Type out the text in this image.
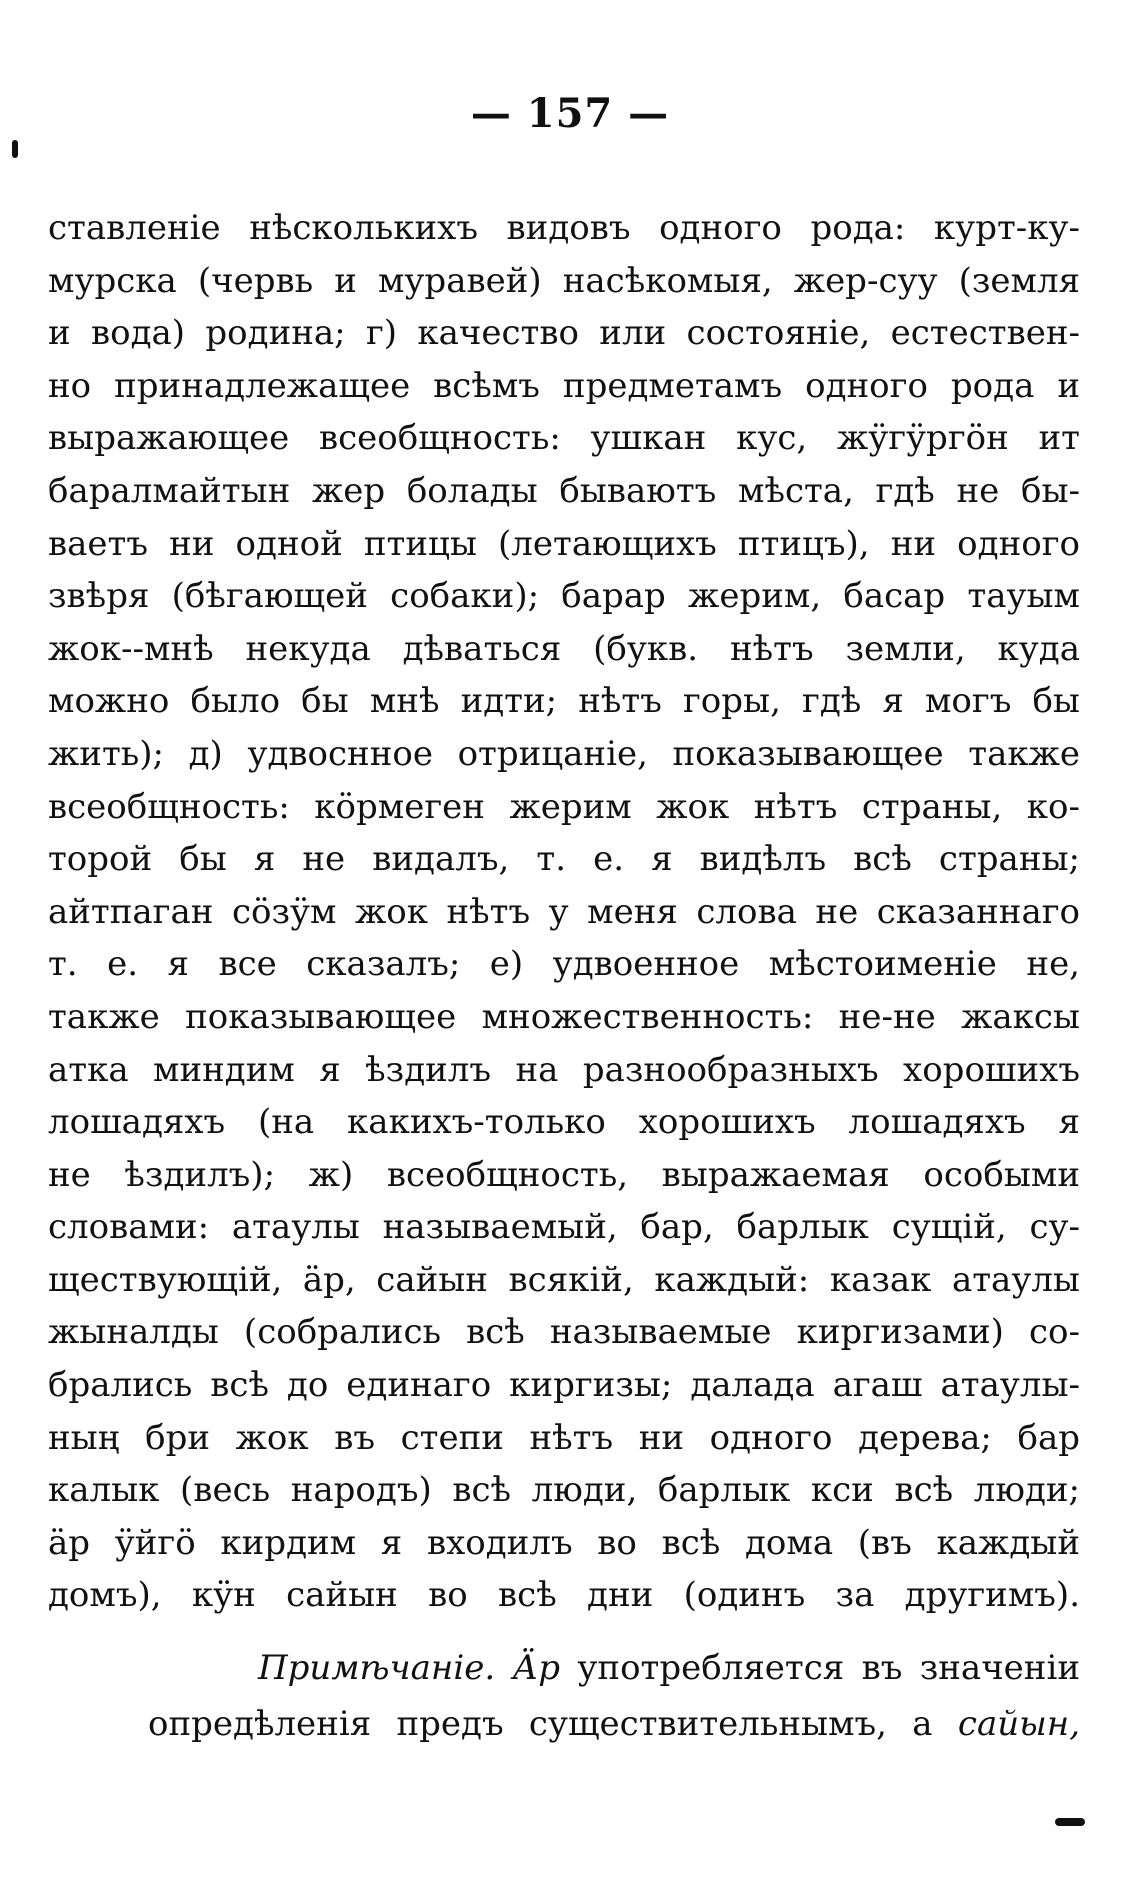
— 157 —
ставленіе нѣсколькихъ видовъ одного рода: курт-ку-
мурска (червь и муравей) насѣкомыя, жер-суу (земля
и вода) родина; г) качество или состояніе, естествен-
но принадлежащее всѣмъ предметамъ одного рода и
выражающее всеобщность: ушкан кус, жӱгӱргӧн ит
баралмайтын жер болады бываютъ мѣста, гдѣ не бы-
ваетъ ни одной птицы (летающихъ птицъ), ни одного
звѣря (бѣгающей собаки); барар жерим, басар тауым
жок--мнѣ некуда дѣваться (букв. нѣтъ земли, куда
можно было бы мнѣ идти; нѣтъ горы, гдѣ я могъ бы
жить); д) удвоснное отрицаніе, показывающее также
всеобщность: кӧрмеген жерим жок нѣтъ страны, ко-
торой бы я не видалъ, т. е. я видѣлъ всѣ страны;
айтпаган сӧзӱм жок нѣтъ у меня слова не сказаннаго
т. е. я все сказалъ; е) удвоенное мѣстоименіе не,
также показывающее множественность: не-не жаксы
атка миндим я ѣздилъ на разнообразныхъ хорошихъ
лошадяхъ (на какихъ-только хорошихъ лошадяхъ я
не ѣздилъ); ж) всеобщность, выражаемая особыми
словами: атаулы называемый, бар, барлык сущій, су-
ществующій, ӓр, сайын всякій, каждый: казак атаулы
жыналды (собрались всѣ называемые киргизами) со-
брались всѣ до единаго киргизы; далада агаш атаулы-
ның бри жок въ степи нѣтъ ни одного дерева; бар
калык (весь народъ) всѣ люди, барлык кси всѣ люди;
ӓр ӱйгӧ кирдим я входилъ во всѣ дома (въ каждый
домъ), кӱн сайын во всѣ дни (одинъ за другимъ).
Примѣчаніе. Ӓр употребляется въ значеніи
опредѣленія предъ существительнымъ, а сайын,
